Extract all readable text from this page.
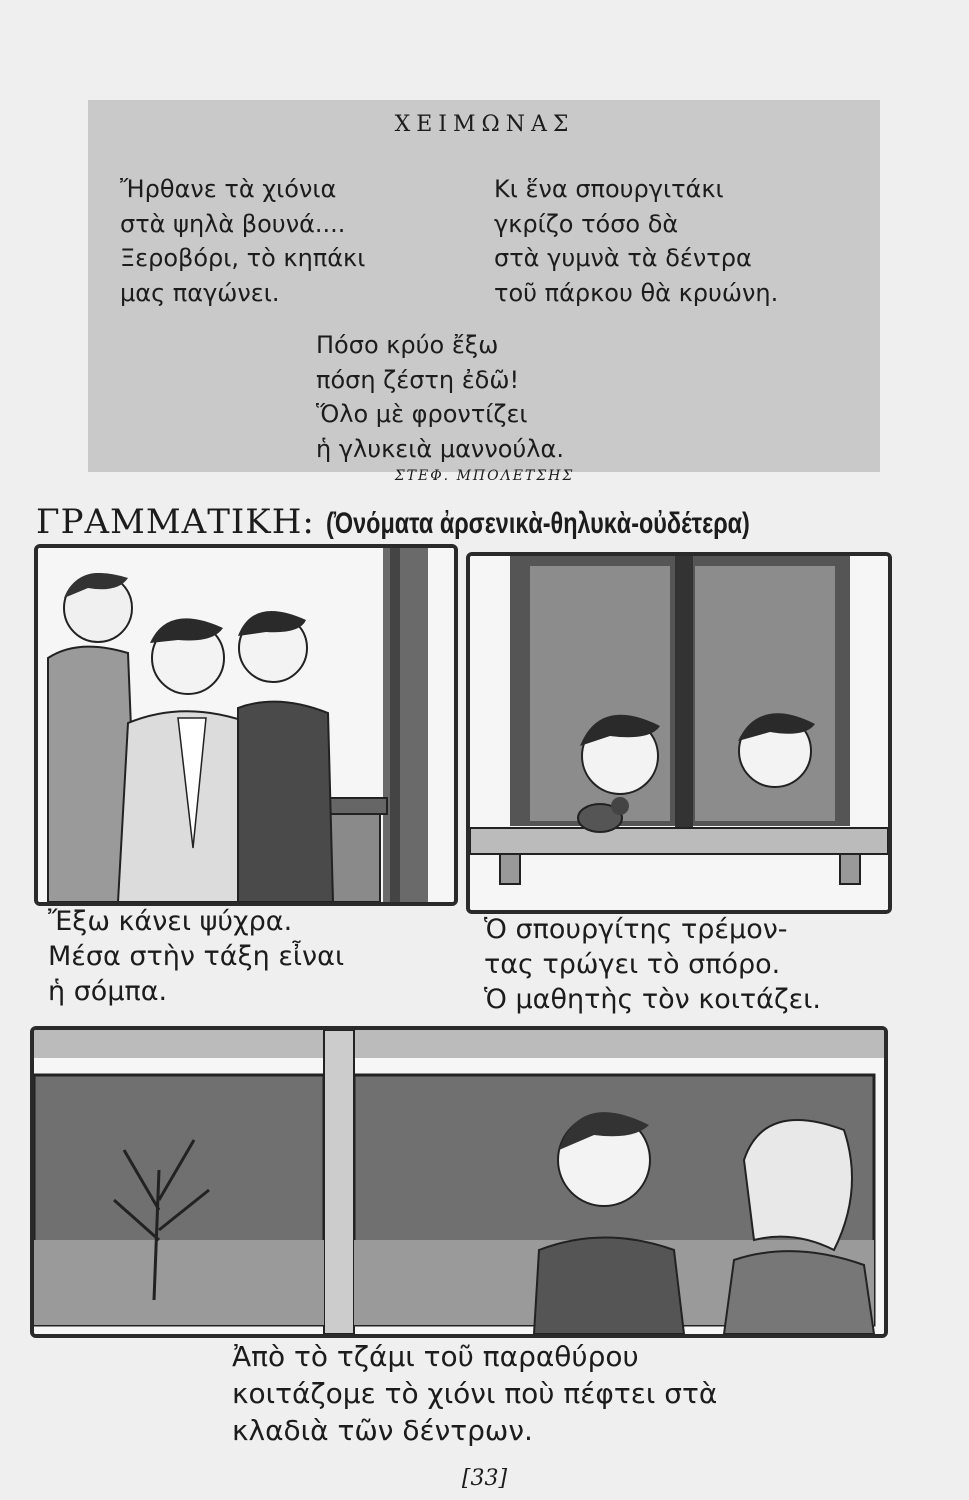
ΧΕΙΜΩΝΑΣ
Ἤρθανε τὰ χιόνια
στὰ ψηλὰ βουνά....
Ξεροβόρι, τὸ κηπάκι
μας παγώνει.
Κι ἕνα σπουργιτάκι
γκρίζο τόσο δὰ
στὰ γυμνὰ τὰ δέντρα
τοῦ πάρκου θὰ κρυώνη.
Πόσο κρύο ἔξω
πόση ζέστη ἐδῶ!
Ὅλο μὲ φροντίζει
ἡ γλυκειὰ μαννούλα.
ΣΤΕΦ. ΜΠΟΛΕΤΣΗΣ
ΓΡΑΜΜΑΤΙΚΗ: (Ὀνόματα ἀρσενικὰ-θηλυκὰ-οὐδέτερα)
Ἔξω κάνει ψύχρα.
Μέσα στὴν τάξη εἶναι
ἡ σόμπα.
Ὁ σπουργίτης τρέμον-
τας τρώγει τὸ σπόρο.
Ὁ μαθητὴς τὸν κοιτάζει.
Ἀπὸ τὸ τζάμι τοῦ παραθύρου
κοιτάζομε τὸ χιόνι ποὺ πέφτει στὰ
κλαδιὰ τῶν δέντρων.
[33]
